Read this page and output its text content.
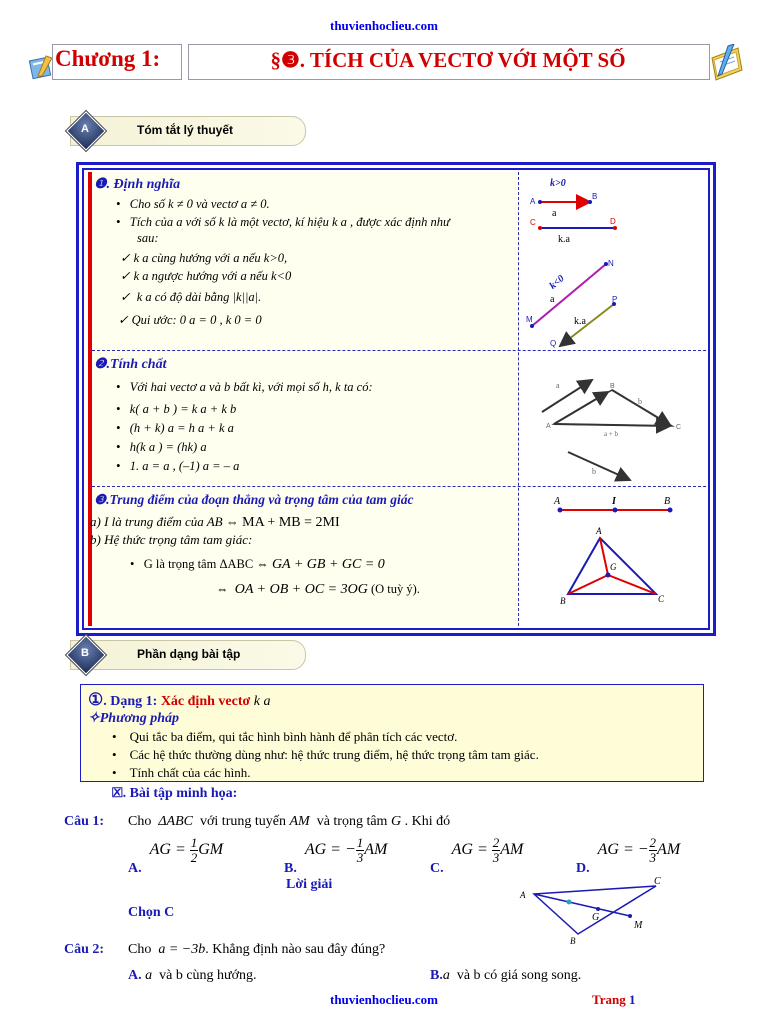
thuvienhoclieu.com
Chương 1:	§❸. TÍCH CỦA VECTƠ VỚI MỘT SỐ
Tóm tắt lý thuyết
A
❶. Định nghĩa
•   Cho số k ≠ 0 và vectơ a ≠ 0.
•   Tích của a với số k là một vectơ, kí hiệu k a , được xác định như
sau:
✓ k a cùng hướng với a nếu k>0,
✓ k a ngược hướng với a nếu k<0
✓  k a có độ dài bằng |k||a|.
✓ Qui ước: 0 a = 0 , k 0 = 0
k>0
A
B
a
C	D
k.a
k<0
M
N
a	P
Q
k.a
❷.Tính chất
•   Với hai vectơ a và b bất kì, với mọi số h, k ta có:
•   k( a + b ) = k a + k b
•   (h + k) a = h a + k a
•   h(k a ) = (hk) a
•   1. a = a , (–1) a = – a
a
A
B
C
b
a + b
b
❸.Trung điểm của đoạn thẳng và trọng tâm của tam giác
a) I là trung điểm của AB ⇔ MA + MB = 2MI
b) Hệ thức trọng tâm tam giác:
•   G là trọng tâm ΔABC ⇔ GA + GB + GC = 0
⇔  OA + OB + OC = 3OG (O tuỳ ý).
A	I	B
A
G
B	C
Phần dạng bài tập
B
①. Dạng 1: Xác định vectơ k a
✧Phương pháp
•    Qui tắc ba điểm, qui tắc hình bình hành để phân tích các vectơ.
•    Các hệ thức thường dùng như: hệ thức trung điểm, hệ thức trọng tâm tam giác.
•    Tính chất của các hình.
🗵. Bài tập minh họa:
Câu 1: Cho ΔABC với trung tuyến AM và trọng tâm G . Khi đó
A.  AG = $\frac{1}{2}$ GM
B.  AG = − $\frac{1}{3}$ AM
C.  AG = $\frac{2}{3}$ AM
D.  AG = − $\frac{2}{3}$ AM
Lời giải
Chọn C
A
C
G
M
B
Câu 2: Cho a = −3b. Khẳng định nào sau đây đúng?
A. a và b cùng hướng.	B.a và b có giá song song.
thuvienhoclieu.com	Trang 1
